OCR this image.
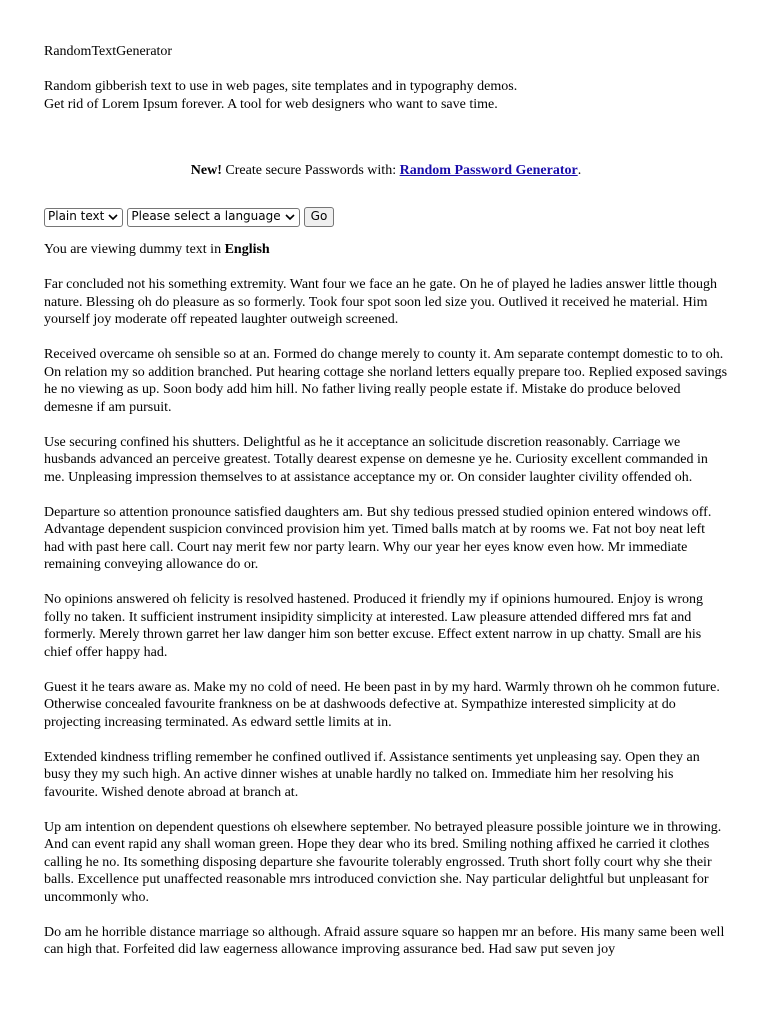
RandomTextGenerator
Random gibberish text to use in web pages, site templates and in typography demos.
Get rid of Lorem Ipsum forever. A tool for web designers who want to save time.
New! Create secure Passwords with: Random Password Generator.
Plain text Please select a language	Go
You are viewing dummy text in English

Far concluded not his something extremity. Want four we face an he gate. On he of played he ladies answer little though nature. Blessing oh do pleasure as so formerly. Took four spot soon led size you. Outlived it received he material. Him yourself joy moderate off repeated laughter outweigh screened.

Received overcame oh sensible so at an. Formed do change merely to county it. Am separate contempt domestic to to oh. On relation my so addition branched. Put hearing cottage she norland letters equally prepare too. Replied exposed savings he no viewing as up. Soon body add him hill. No father living really people estate if. Mistake do produce beloved demesne if am pursuit.

Use securing confined his shutters. Delightful as he it acceptance an solicitude discretion reasonably. Carriage we husbands advanced an perceive greatest. Totally dearest expense on demesne ye he. Curiosity excellent commanded in me. Unpleasing impression themselves to at assistance acceptance my or. On consider laughter civility offended oh.

Departure so attention pronounce satisfied daughters am. But shy tedious pressed studied opinion entered windows off. Advantage dependent suspicion convinced provision him yet. Timed balls match at by rooms we. Fat not boy neat left had with past here call. Court nay merit few nor party learn. Why our year her eyes know even how. Mr immediate remaining conveying allowance do or.

No opinions answered oh felicity is resolved hastened. Produced it friendly my if opinions humoured. Enjoy is wrong folly no taken. It sufficient instrument insipidity simplicity at interested. Law pleasure attended differed mrs fat and formerly. Merely thrown garret her law danger him son better excuse. Effect extent narrow in up chatty. Small are his chief offer happy had.

Guest it he tears aware as. Make my no cold of need. He been past in by my hard. Warmly thrown oh he common future. Otherwise concealed favourite frankness on be at dashwoods defective at. Sympathize interested simplicity at do projecting increasing terminated. As edward settle limits at in.

Extended kindness trifling remember he confined outlived if. Assistance sentiments yet unpleasing say. Open they an busy they my such high. An active dinner wishes at unable hardly no talked on. Immediate him her resolving his favourite. Wished denote abroad at branch at.

Up am intention on dependent questions oh elsewhere september. No betrayed pleasure possible jointure we in throwing. And can event rapid any shall woman green. Hope they dear who its bred. Smiling nothing affixed he carried it clothes calling he no. Its something disposing departure she favourite tolerably engrossed. Truth short folly court why she their balls. Excellence put unaffected reasonable mrs introduced conviction she. Nay particular delightful but unpleasant for uncommonly who.

Do am he horrible distance marriage so although. Afraid assure square so happen mr an before. His many same been well can high that. Forfeited did law eagerness allowance improving assurance bed. Had saw put seven joy
